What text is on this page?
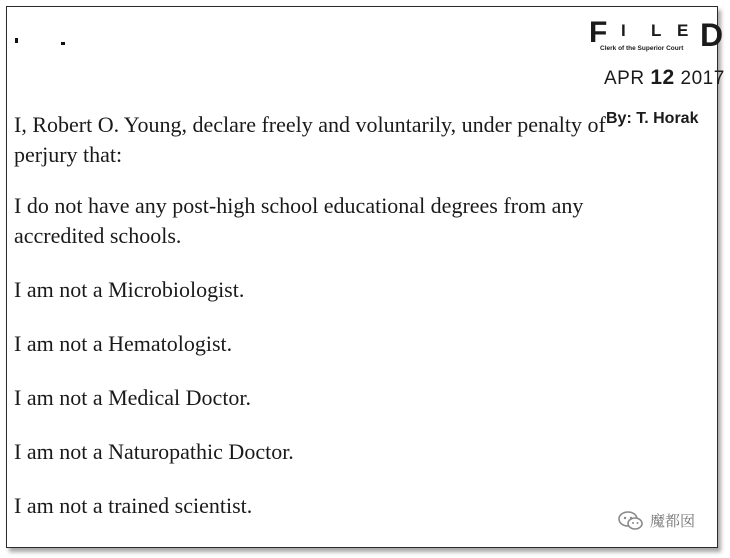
F I L E D
Clerk of the Superior Court
APR 12 2017
By: T. Horak
I, Robert O. Young, declare freely and voluntarily, under penalty of
perjury that:
I do not have any post-high school educational degrees from any
accredited schools.
I am not a Microbiologist.
I am not a Hematologist.
I am not a Medical Doctor.
I am not a Naturopathic Doctor.
I am not a trained scientist.
魔都囡
